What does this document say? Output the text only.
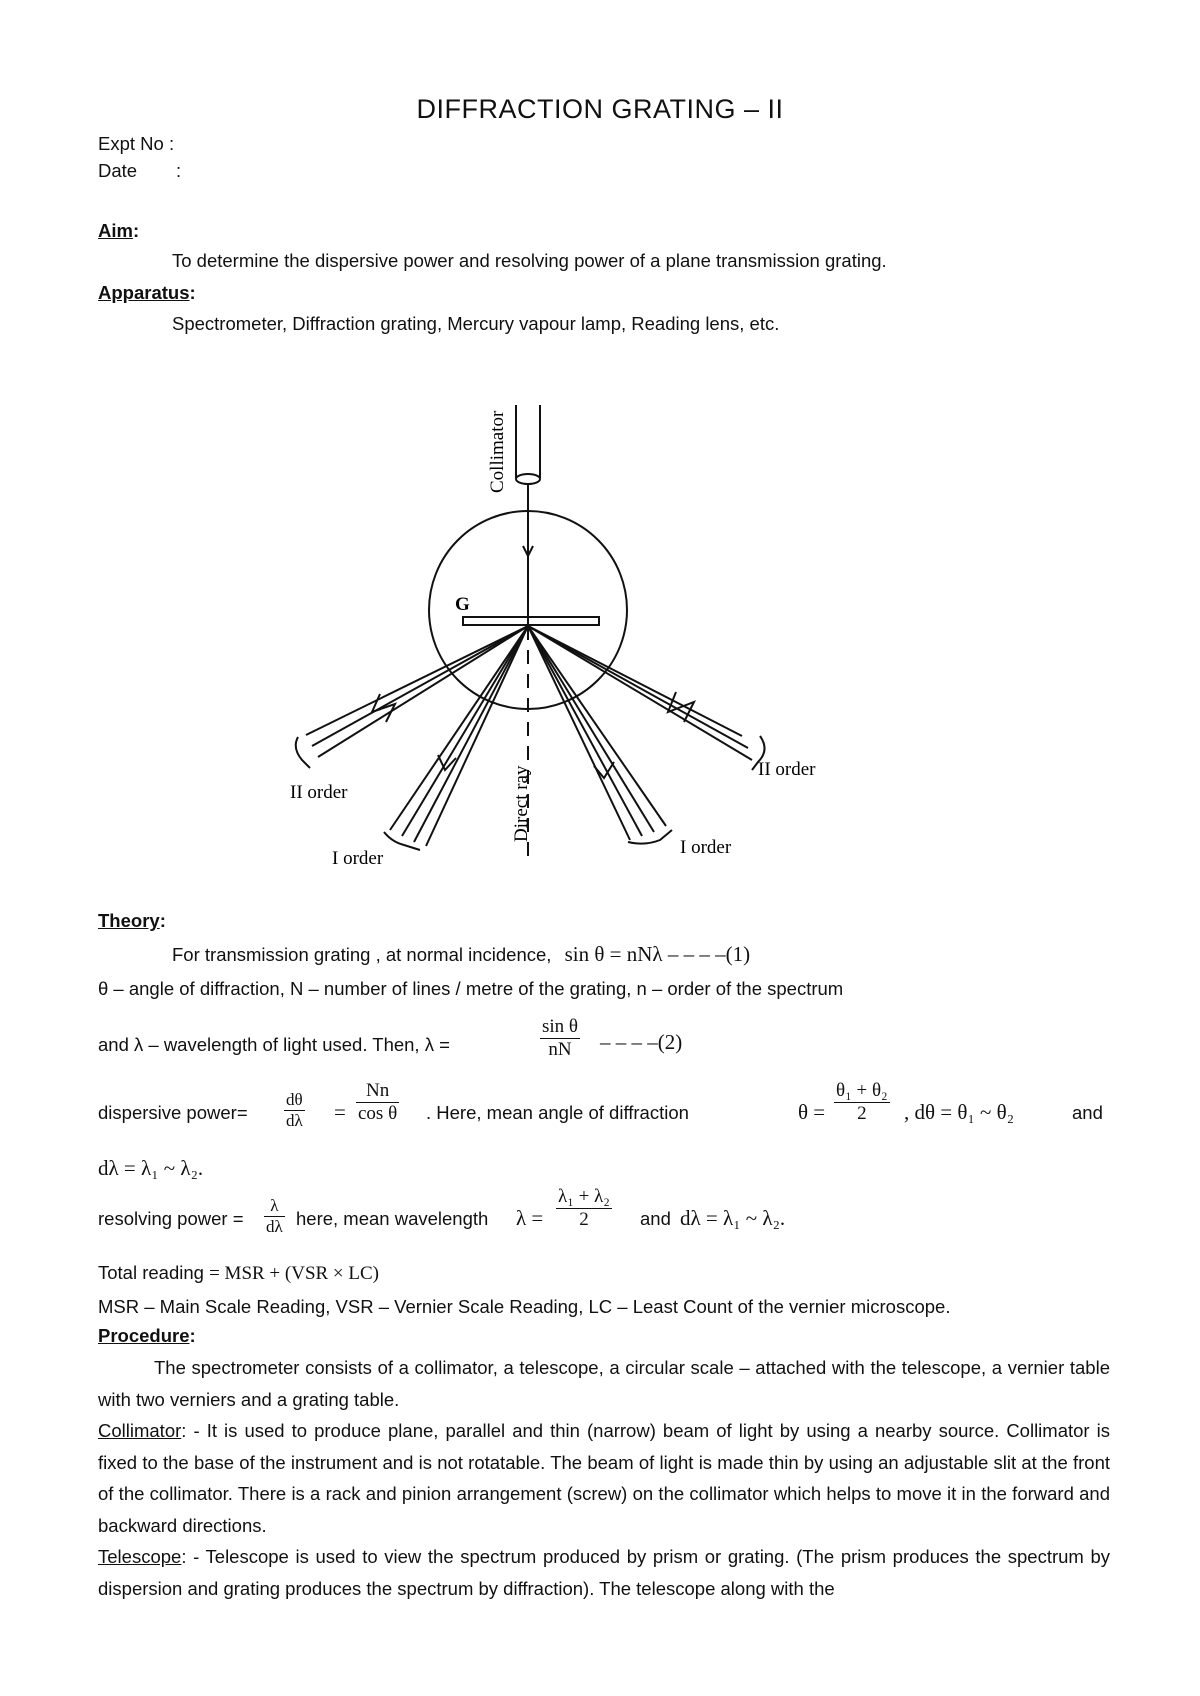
DIFFRACTION GRATING – II
Expt No :
Date :
Aim:
To determine the dispersive power and resolving power of a plane transmission grating.
Apparatus:
Spectrometer, Diffraction grating, Mercury vapour lamp, Reading lens, etc.
Collimator
G
Direct ray
II order
I order
I order
II order
Theory:
For transmission grating , at normal incidence, sin θ = nNλ – – – –(1)
θ – angle of diffraction, N – number of lines / metre of the grating, n – order of the spectrum
and λ – wavelength of light used. Then, λ =	$\frac{\text{sin θ}}{nN}$ – – – –(2)
dispersive power= $\frac{d\theta}{d\lambda} = \frac{Nn}{\text{cos θ}}$ . Here, mean angle of diffraction	$\theta = \frac{\text{θ₁ + θ₂}}{2}$ , dθ = θ₁ ~ θ₂	and
dλ = λ₁ ~ λ₂.
resolving power = $\frac{\lambda}{d\lambda}$ here, mean wavelength $\lambda = \frac{\text{λ₁ + λ₂}}{2}$ and dλ = λ₁ ~ λ₂.
Total reading = MSR + (VSR × LC)
MSR – Main Scale Reading, VSR – Vernier Scale Reading, LC – Least Count of the vernier microscope.
Procedure:
The spectrometer consists of a collimator, a telescope, a circular scale – attached with the telescope, a vernier table with two verniers and a grating table.
Collimator: - It is used to produce plane, parallel and thin (narrow) beam of light by using a nearby source. Collimator is fixed to the base of the instrument and is not rotatable. The beam of light is made thin by using an adjustable slit at the front of the collimator. There is a rack and pinion arrangement (screw) on the collimator which helps to move it in the forward and backward directions.
Telescope: - Telescope is used to view the spectrum produced by prism or grating. (The prism produces the spectrum by dispersion and grating produces the spectrum by diffraction). The telescope along with the
